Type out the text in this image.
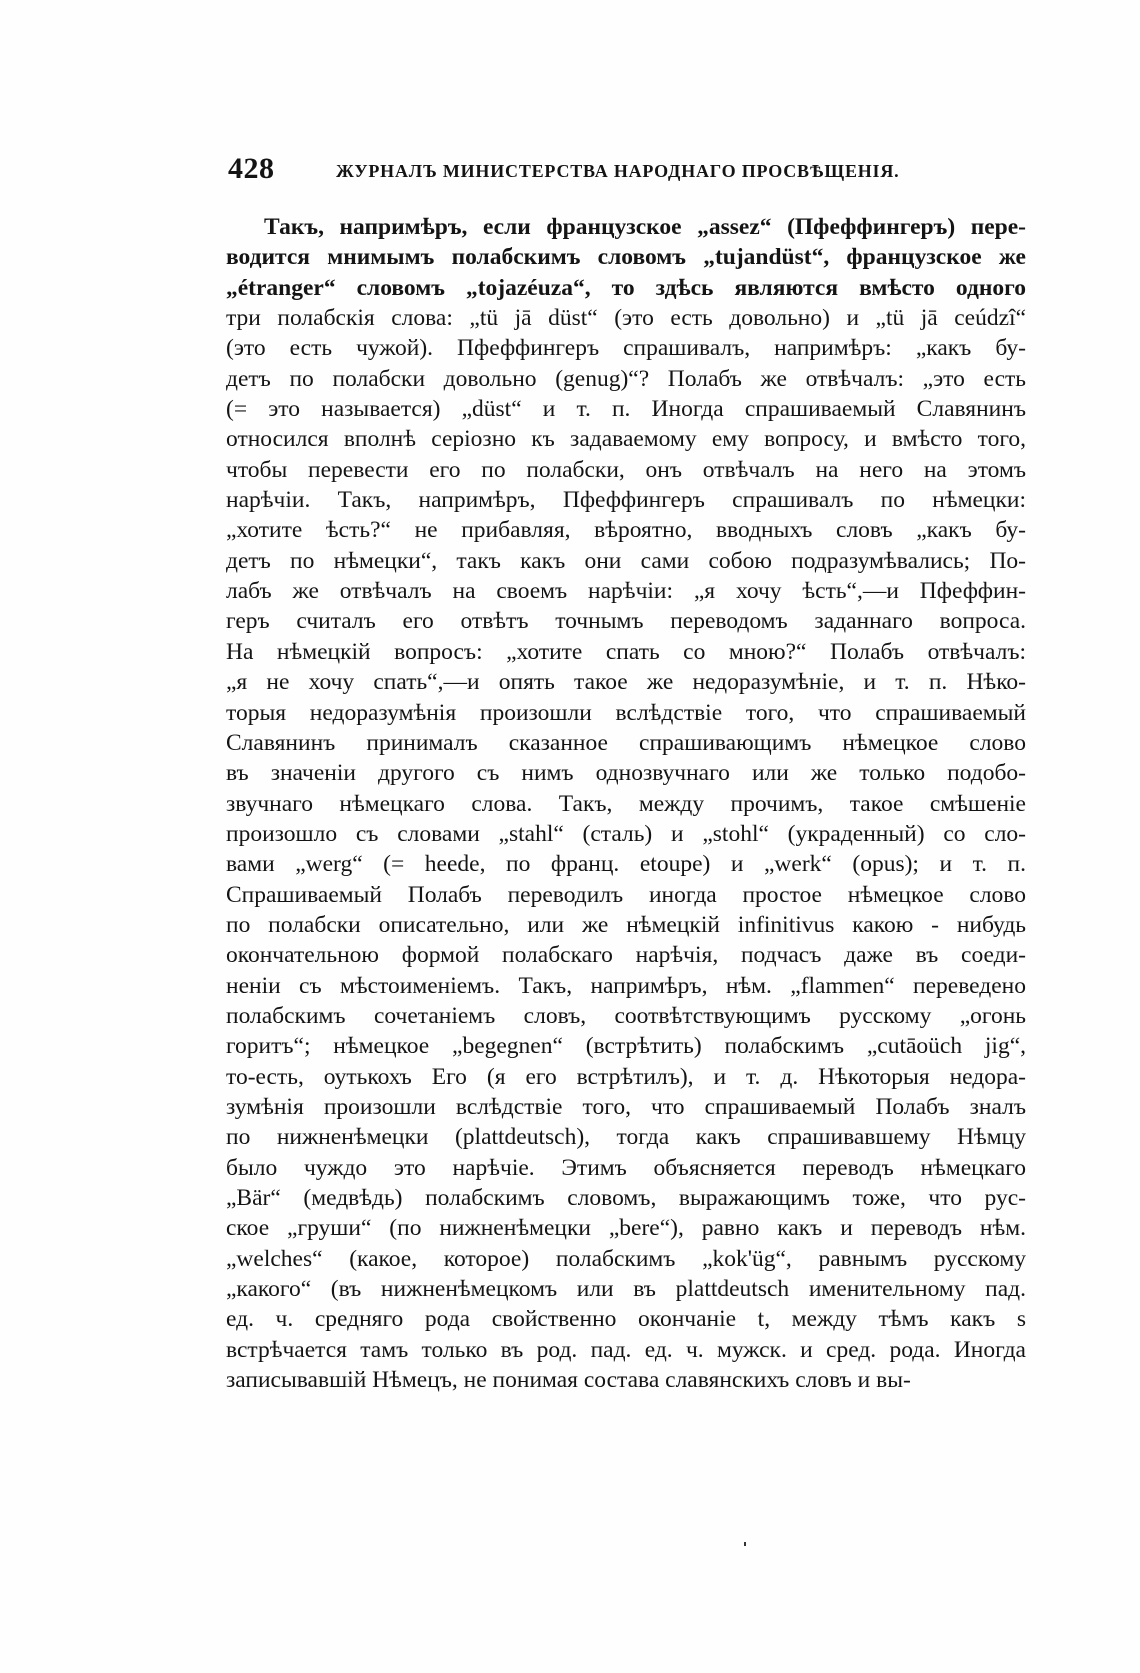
428	ЖУРНАЛЪ МИНИСТЕРСТВА НАРОДНАГО ПРОСВѢЩЕНІЯ.
Такъ, напримѣръ, если французское „assez“ (Пфеффингеръ) пере-
водится мнимымъ полабскимъ словомъ „tujandüst“, французское же
„étranger“ словомъ „tojazéuza“, то здѣсь являются вмѣсто одного
три полабскія слова: „tü jā düst“ (это есть довольно) и „tü jā ceúdzî“
(это есть чужой). Пфеффингеръ спрашивалъ, напримѣръ: „какъ бу-
детъ по полабски довольно (genug)“? Полабъ же отвѣчалъ: „это есть
(= это называется) „düst“ и т. п. Иногда спрашиваемый Славянинъ
относился вполнѣ серіозно къ задаваемому ему вопросу, и вмѣсто того,
чтобы перевести его по полабски, онъ отвѣчалъ на него на этомъ
нарѣчіи. Такъ, напримѣръ, Пфеффингеръ спрашивалъ по нѣмецки:
„хотите ѣсть?“ не прибавляя, вѣроятно, вводныхъ словъ „какъ бу-
детъ по нѣмецки“, такъ какъ они сами собою подразумѣвались; По-
лабъ же отвѣчалъ на своемъ нарѣчіи: „я хочу ѣсть“,—и Пфеффин-
геръ считалъ его отвѣтъ точнымъ переводомъ заданнаго вопроса.
На нѣмецкій вопросъ: „хотите спать со мною?“ Полабъ отвѣчалъ:
„я не хочу спать“,—и опять такое же недоразумѣніе, и т. п. Нѣко-
торыя недоразумѣнія произошли вслѣдствіе того, что спрашиваемый
Славянинъ принималъ сказанное спрашивающимъ нѣмецкое слово
въ значеніи другого съ нимъ однозвучнаго или же только подобо-
звучнаго нѣмецкаго слова. Такъ, между прочимъ, такое смѣшеніе
произошло съ словами „stahl“ (сталь) и „stohl“ (украденный) со сло-
вами „werg“ (= heede, по франц. etoupe) и „werk“ (opus); и т. п.
Спрашиваемый Полабъ переводилъ иногда простое нѣмецкое слово
по полабски описательно, или же нѣмецкій infinitivus какою - нибудь
окончательною формой полабскаго нарѣчія, подчасъ даже въ соеди-
неніи съ мѣстоименіемъ. Такъ, напримѣръ, нѣм. „flammen“ переведено
полабскимъ сочетаніемъ словъ, соотвѣтствующимъ русскому „огонь
горитъ“; нѣмецкое „begegnen“ (встрѣтить) полабскимъ „cutāoüch jig“,
то-есть, оутькохъ Его (я его встрѣтилъ), и т. д. Нѣкоторыя недора-
зумѣнія произошли вслѣдствіе того, что спрашиваемый Полабъ зналъ
по нижненѣмецки (plattdeutsch), тогда какъ спрашивавшему Нѣмцу
было чуждо это нарѣчіе. Этимъ объясняется переводъ нѣмецкаго
„Bär“ (медвѣдь) полабскимъ словомъ, выражающимъ тоже, что рус-
ское „груши“ (по нижненѣмецки „bere“), равно какъ и переводъ нѣм.
„welches“ (какое, которое) полабскимъ „kok'üg“, равнымъ русскому
„какого“ (въ нижненѣмецкомъ или въ plattdeutsch именительному пад.
ед. ч. средняго рода свойственно окончаніе t, между тѣмъ какъ s
встрѣчается тамъ только въ род. пад. ед. ч. мужск. и сред. рода. Иногда
записывавшій Нѣмецъ, не понимая состава славянскихъ словъ и вы-
